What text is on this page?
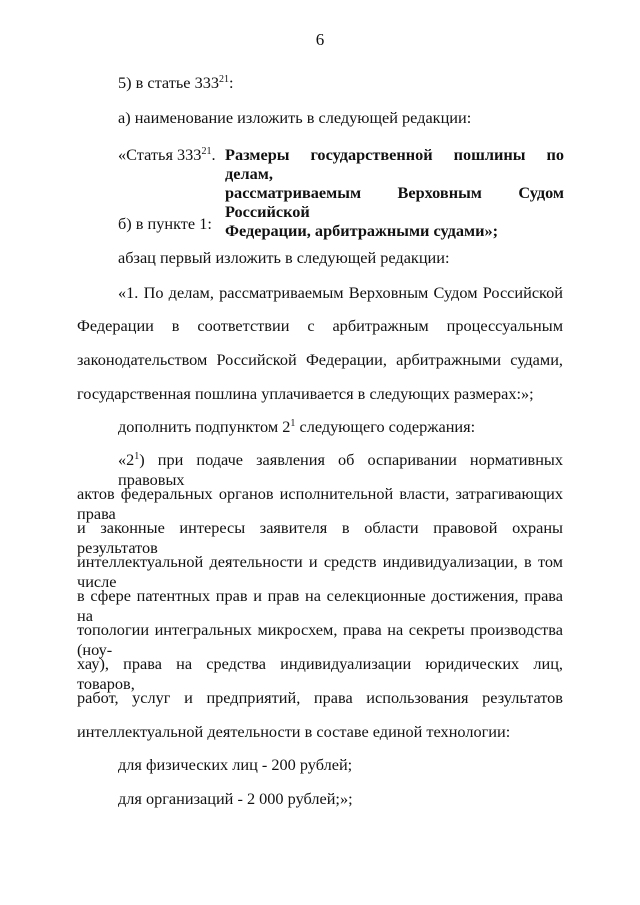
6
5) в статье $333^{21}$:
а) наименование изложить в следующей редакции:
«Статья $333^{21}$. Размеры государственной пошлины по делам,
рассматриваемым Верховным Судом Российской
Федерации, арбитражными судами»;
б) в пункте 1:
абзац первый изложить в следующей редакции:
«1. По делам, рассматриваемым Верховным Судом Российской
Федерации в соответствии с арбитражным процессуальным
законодательством Российской Федерации, арбитражными судами,
государственная пошлина уплачивается в следующих размерах:»;
дополнить подпунктом $2^1$ следующего содержания:
«$2^1$) при подаче заявления об оспаривании нормативных правовых
актов федеральных органов исполнительной власти, затрагивающих права
и законные интересы заявителя в области правовой охраны результатов
интеллектуальной деятельности и средств индивидуализации, в том числе
в сфере патентных прав и прав на селекционные достижения, права на
топологии интегральных микросхем, права на секреты производства (ноу-
хау), права на средства индивидуализации юридических лиц, товаров,
работ, услуг и предприятий, права использования результатов
интеллектуальной деятельности в составе единой технологии:
для физических лиц - 200 рублей;
для организаций - 2 000 рублей;»;
